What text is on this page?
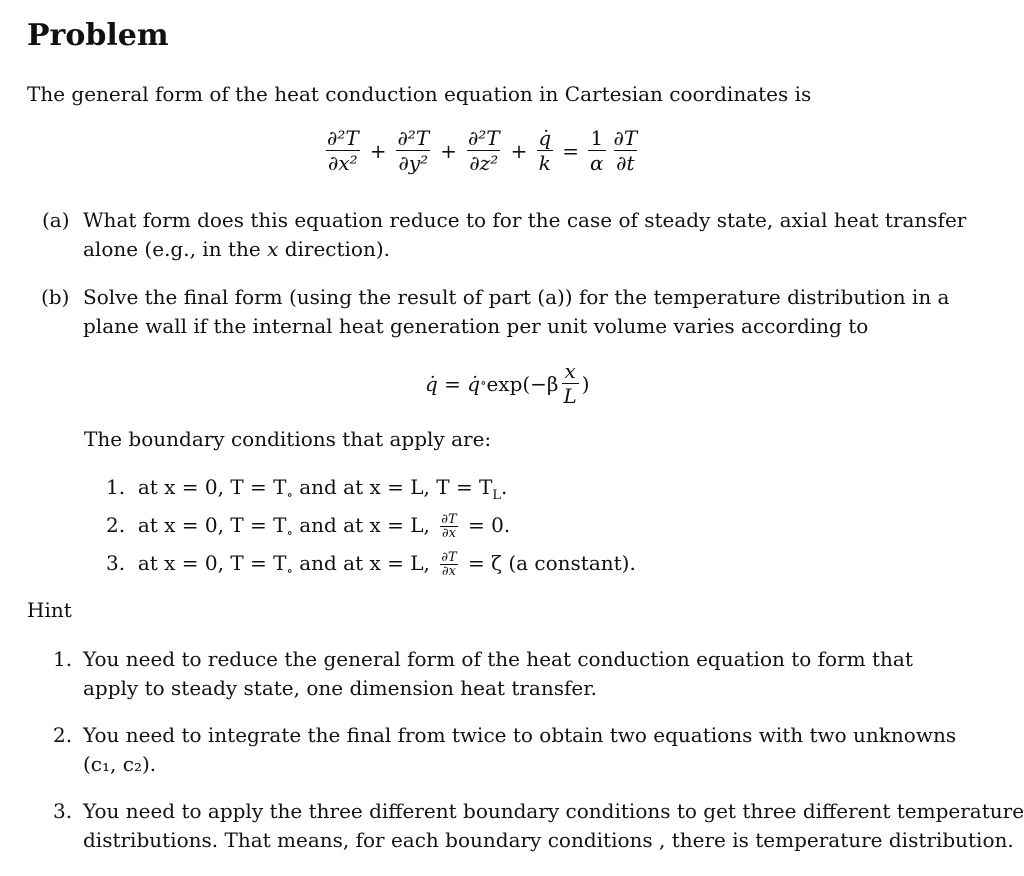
Problem
The general form of the heat conduction equation in Cartesian coordinates is
$\frac{\text{∂²T}}{\text{∂x²}} + \frac{\text{∂²T}}{\text{∂y²}} + \frac{\text{∂²T}}{\text{∂z²}} + \frac{q̇}{k} = \frac{1}{\alpha} \frac{\partial T}{\partial t}$
(a) What form does this equation reduce to for the case of steady state, axial heat transfer
alone (e.g., in the x direction).
(b) Solve the final form (using the result of part (a)) for the temperature distribution in a
plane wall if the internal heat generation per unit volume varies according to
q̇ = q̇ ∘ $\exp(-\beta \frac{x}{L}$ )
The boundary conditions that apply are:
1. at x = 0, $T = T_\circ$ and at x = L, $T = T_L$.
2. at x = 0, $T = T_\circ$ and at x = L, $\frac{\partial T}{\partial x} = 0$.
3. at x = 0, $T = T_\circ$ and at x = L, $\frac{\partial T}{\partial x} = \zeta$ (a constant).
Hint
1. You need to reduce the general form of the heat conduction equation to form that
apply to steady state, one dimension heat transfer.
2. You need to integrate the final from twice to obtain two equations with two unknowns
(c₁, c₂).
3. You need to apply the three different boundary conditions to get three different temperature
distributions. That means, for each boundary conditions , there is temperature distribution.
